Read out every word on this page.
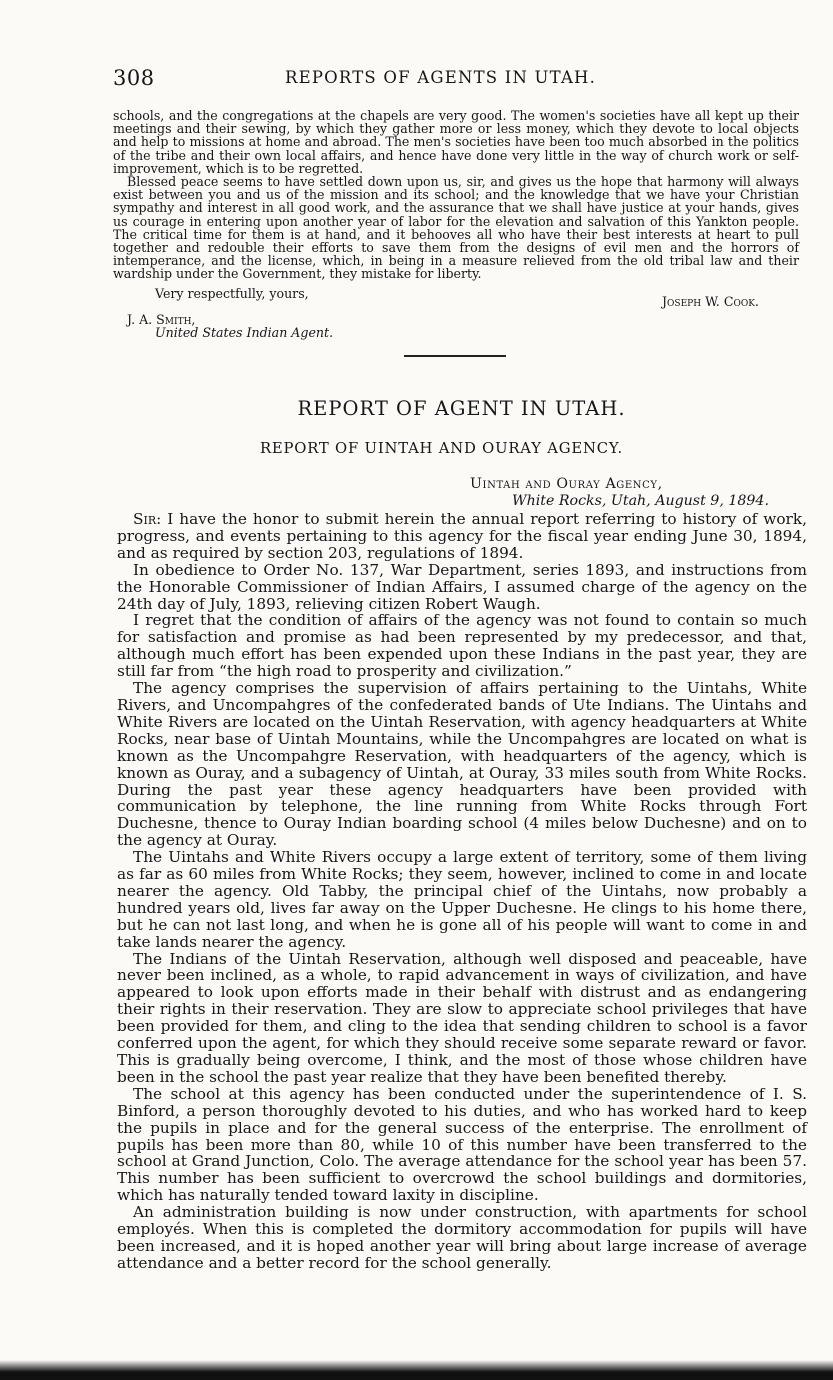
308	REPORTS OF AGENTS IN UTAH.

schools, and the congregations at the chapels are very good. The women's societies have all kept up their meetings and their sewing, by which they gather more or less money, which they devote to local objects and help to missions at home and abroad. The men's societies have been too much absorbed in the politics of the tribe and their own local affairs, and hence have done very little in the way of church work or self-improvement, which is to be regretted.

Blessed peace seems to have settled down upon us, sir, and gives us the hope that harmony will always exist between you and us of the mission and its school; and the knowledge that we have your Christian sympathy and interest in all good work, and the assurance that we shall have justice at your hands, gives us courage in entering upon another year of labor for the elevation and salvation of this Yankton people. The critical time for them is at hand, and it behooves all who have their best interests at heart to pull together and redouble their efforts to save them from the designs of evil men and the horrors of intemperance, and the license, which, in being in a measure relieved from the old tribal law and their wardship under the Government, they mistake for liberty.

Very respectfully, yours,
Joseph W. Cook.
J. A. Smith,
United States Indian Agent.
REPORT OF AGENT IN UTAH.
REPORT OF UINTAH AND OURAY AGENCY.
Uintah and Ouray Agency,
White Rocks, Utah, August 9, 1894.

Sir: I have the honor to submit herein the annual report referring to history of work, progress, and events pertaining to this agency for the fiscal year ending June 30, 1894, and as required by section 203, regulations of 1894.

In obedience to Order No. 137, War Department, series 1893, and instructions from the Honorable Commissioner of Indian Affairs, I assumed charge of the agency on the 24th day of July, 1893, relieving citizen Robert Waugh.

I regret that the condition of affairs of the agency was not found to contain so much for satisfaction and promise as had been represented by my predecessor, and that, although much effort has been expended upon these Indians in the past year, they are still far from “the high road to prosperity and civilization.”

The agency comprises the supervision of affairs pertaining to the Uintahs, White Rivers, and Uncompahgres of the confederated bands of Ute Indians. The Uintahs and White Rivers are located on the Uintah Reservation, with agency headquarters at White Rocks, near base of Uintah Mountains, while the Uncompahgres are located on what is known as the Uncompahgre Reservation, with headquarters of the agency, which is known as Ouray, and a subagency of Uintah, at Ouray, 33 miles south from White Rocks. During the past year these agency headquarters have been provided with communication by telephone, the line running from White Rocks through Fort Duchesne, thence to Ouray Indian boarding school (4 miles below Duchesne) and on to the agency at Ouray.

The Uintahs and White Rivers occupy a large extent of territory, some of them living as far as 60 miles from White Rocks; they seem, however, inclined to come in and locate nearer the agency. Old Tabby, the principal chief of the Uintahs, now probably a hundred years old, lives far away on the Upper Duchesne. He clings to his home there, but he can not last long, and when he is gone all of his people will want to come in and take lands nearer the agency.

The Indians of the Uintah Reservation, although well disposed and peaceable, have never been inclined, as a whole, to rapid advancement in ways of civilization, and have appeared to look upon efforts made in their behalf with distrust and as endangering their rights in their reservation. They are slow to appreciate school privileges that have been provided for them, and cling to the idea that sending children to school is a favor conferred upon the agent, for which they should receive some separate reward or favor. This is gradually being overcome, I think, and the most of those whose children have been in the school the past year realize that they have been benefited thereby.

The school at this agency has been conducted under the superintendence of I. S. Binford, a person thoroughly devoted to his duties, and who has worked hard to keep the pupils in place and for the general success of the enterprise. The enrollment of pupils has been more than 80, while 10 of this number have been transferred to the school at Grand Junction, Colo. The average attendance for the school year has been 57. This number has been sufficient to overcrowd the school buildings and dormitories, which has naturally tended toward laxity in discipline.

An administration building is now under construction, with apartments for school employés. When this is completed the dormitory accommodation for pupils will have been increased, and it is hoped another year will bring about large increase of average attendance and a better record for the school generally.
